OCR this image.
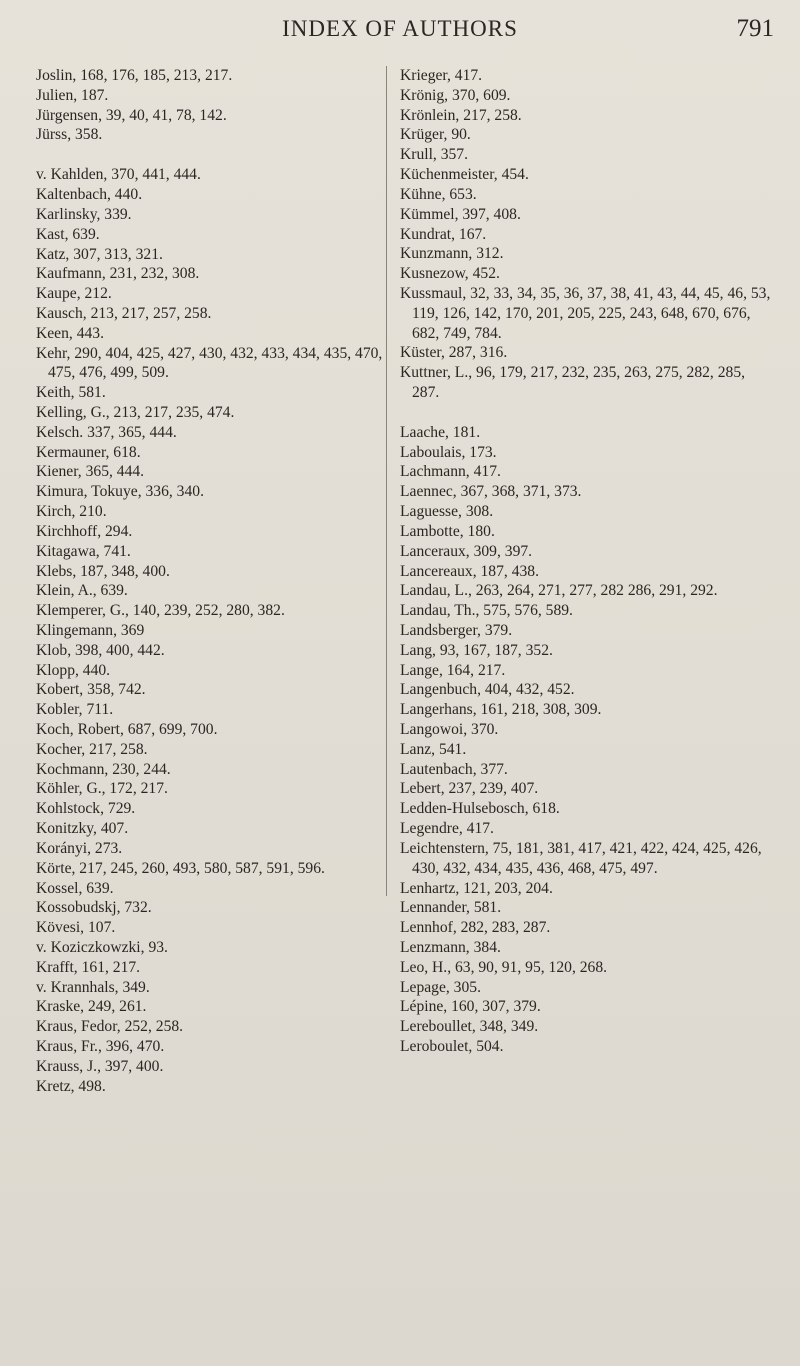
INDEX OF AUTHORS	791
Joslin, 168, 176, 185, 213, 217.
Julien, 187.
Jürgensen, 39, 40, 41, 78, 142.
Jürss, 358.
v. Kahlden, 370, 441, 444.
Kaltenbach, 440.
Karlinsky, 339.
Kast, 639.
Katz, 307, 313, 321.
Kaufmann, 231, 232, 308.
Kaupe, 212.
Kausch, 213, 217, 257, 258.
Keen, 443.
Kehr, 290, 404, 425, 427, 430, 432, 433, 434, 435, 470, 475, 476, 499, 509.
Keith, 581.
Kelling, G., 213, 217, 235, 474.
Kelsch. 337, 365, 444.
Kermauner, 618.
Kiener, 365, 444.
Kimura, Tokuye, 336, 340.
Kirch, 210.
Kirchhoff, 294.
Kitagawa, 741.
Klebs, 187, 348, 400.
Klein, A., 639.
Klemperer, G., 140, 239, 252, 280, 382.
Klingemann, 369
Klob, 398, 400, 442.
Klopp, 440.
Kobert, 358, 742.
Kobler, 711.
Koch, Robert, 687, 699, 700.
Kocher, 217, 258.
Kochmann, 230, 244.
Köhler, G., 172, 217.
Kohlstock, 729.
Konitzky, 407.
Korányi, 273.
Körte, 217, 245, 260, 493, 580, 587, 591, 596.
Kossel, 639.
Kossobudskj, 732.
Kövesi, 107.
v. Koziczkowzki, 93.
Krafft, 161, 217.
v. Krannhals, 349.
Kraske, 249, 261.
Kraus, Fedor, 252, 258.
Kraus, Fr., 396, 470.
Krauss, J., 397, 400.
Kretz, 498.
Krieger, 417.
Krönig, 370, 609.
Krönlein, 217, 258.
Krüger, 90.
Krull, 357.
Küchenmeister, 454.
Kühne, 653.
Kümmel, 397, 408.
Kundrat, 167.
Kunzmann, 312.
Kusnezow, 452.
Kussmaul, 32, 33, 34, 35, 36, 37, 38, 41, 43, 44, 45, 46, 53, 119, 126, 142, 170, 201, 205, 225, 243, 648, 670, 676, 682, 749, 784.
Küster, 287, 316.
Kuttner, L., 96, 179, 217, 232, 235, 263, 275, 282, 285, 287.
Laache, 181.
Laboulais, 173.
Lachmann, 417.
Laennec, 367, 368, 371, 373.
Laguesse, 308.
Lambotte, 180.
Lanceraux, 309, 397.
Lancereaux, 187, 438.
Landau, L., 263, 264, 271, 277, 282 286, 291, 292.
Landau, Th., 575, 576, 589.
Landsberger, 379.
Lang, 93, 167, 187, 352.
Lange, 164, 217.
Langenbuch, 404, 432, 452.
Langerhans, 161, 218, 308, 309.
Langowoi, 370.
Lanz, 541.
Lautenbach, 377.
Lebert, 237, 239, 407.
Ledden-Hulsebosch, 618.
Legendre, 417.
Leichtenstern, 75, 181, 381, 417, 421, 422, 424, 425, 426, 430, 432, 434, 435, 436, 468, 475, 497.
Lenhartz, 121, 203, 204.
Lennander, 581.
Lennhof, 282, 283, 287.
Lenzmann, 384.
Leo, H., 63, 90, 91, 95, 120, 268.
Lepage, 305.
Lépine, 160, 307, 379.
Lereboullet, 348, 349.
Leroboulet, 504.
